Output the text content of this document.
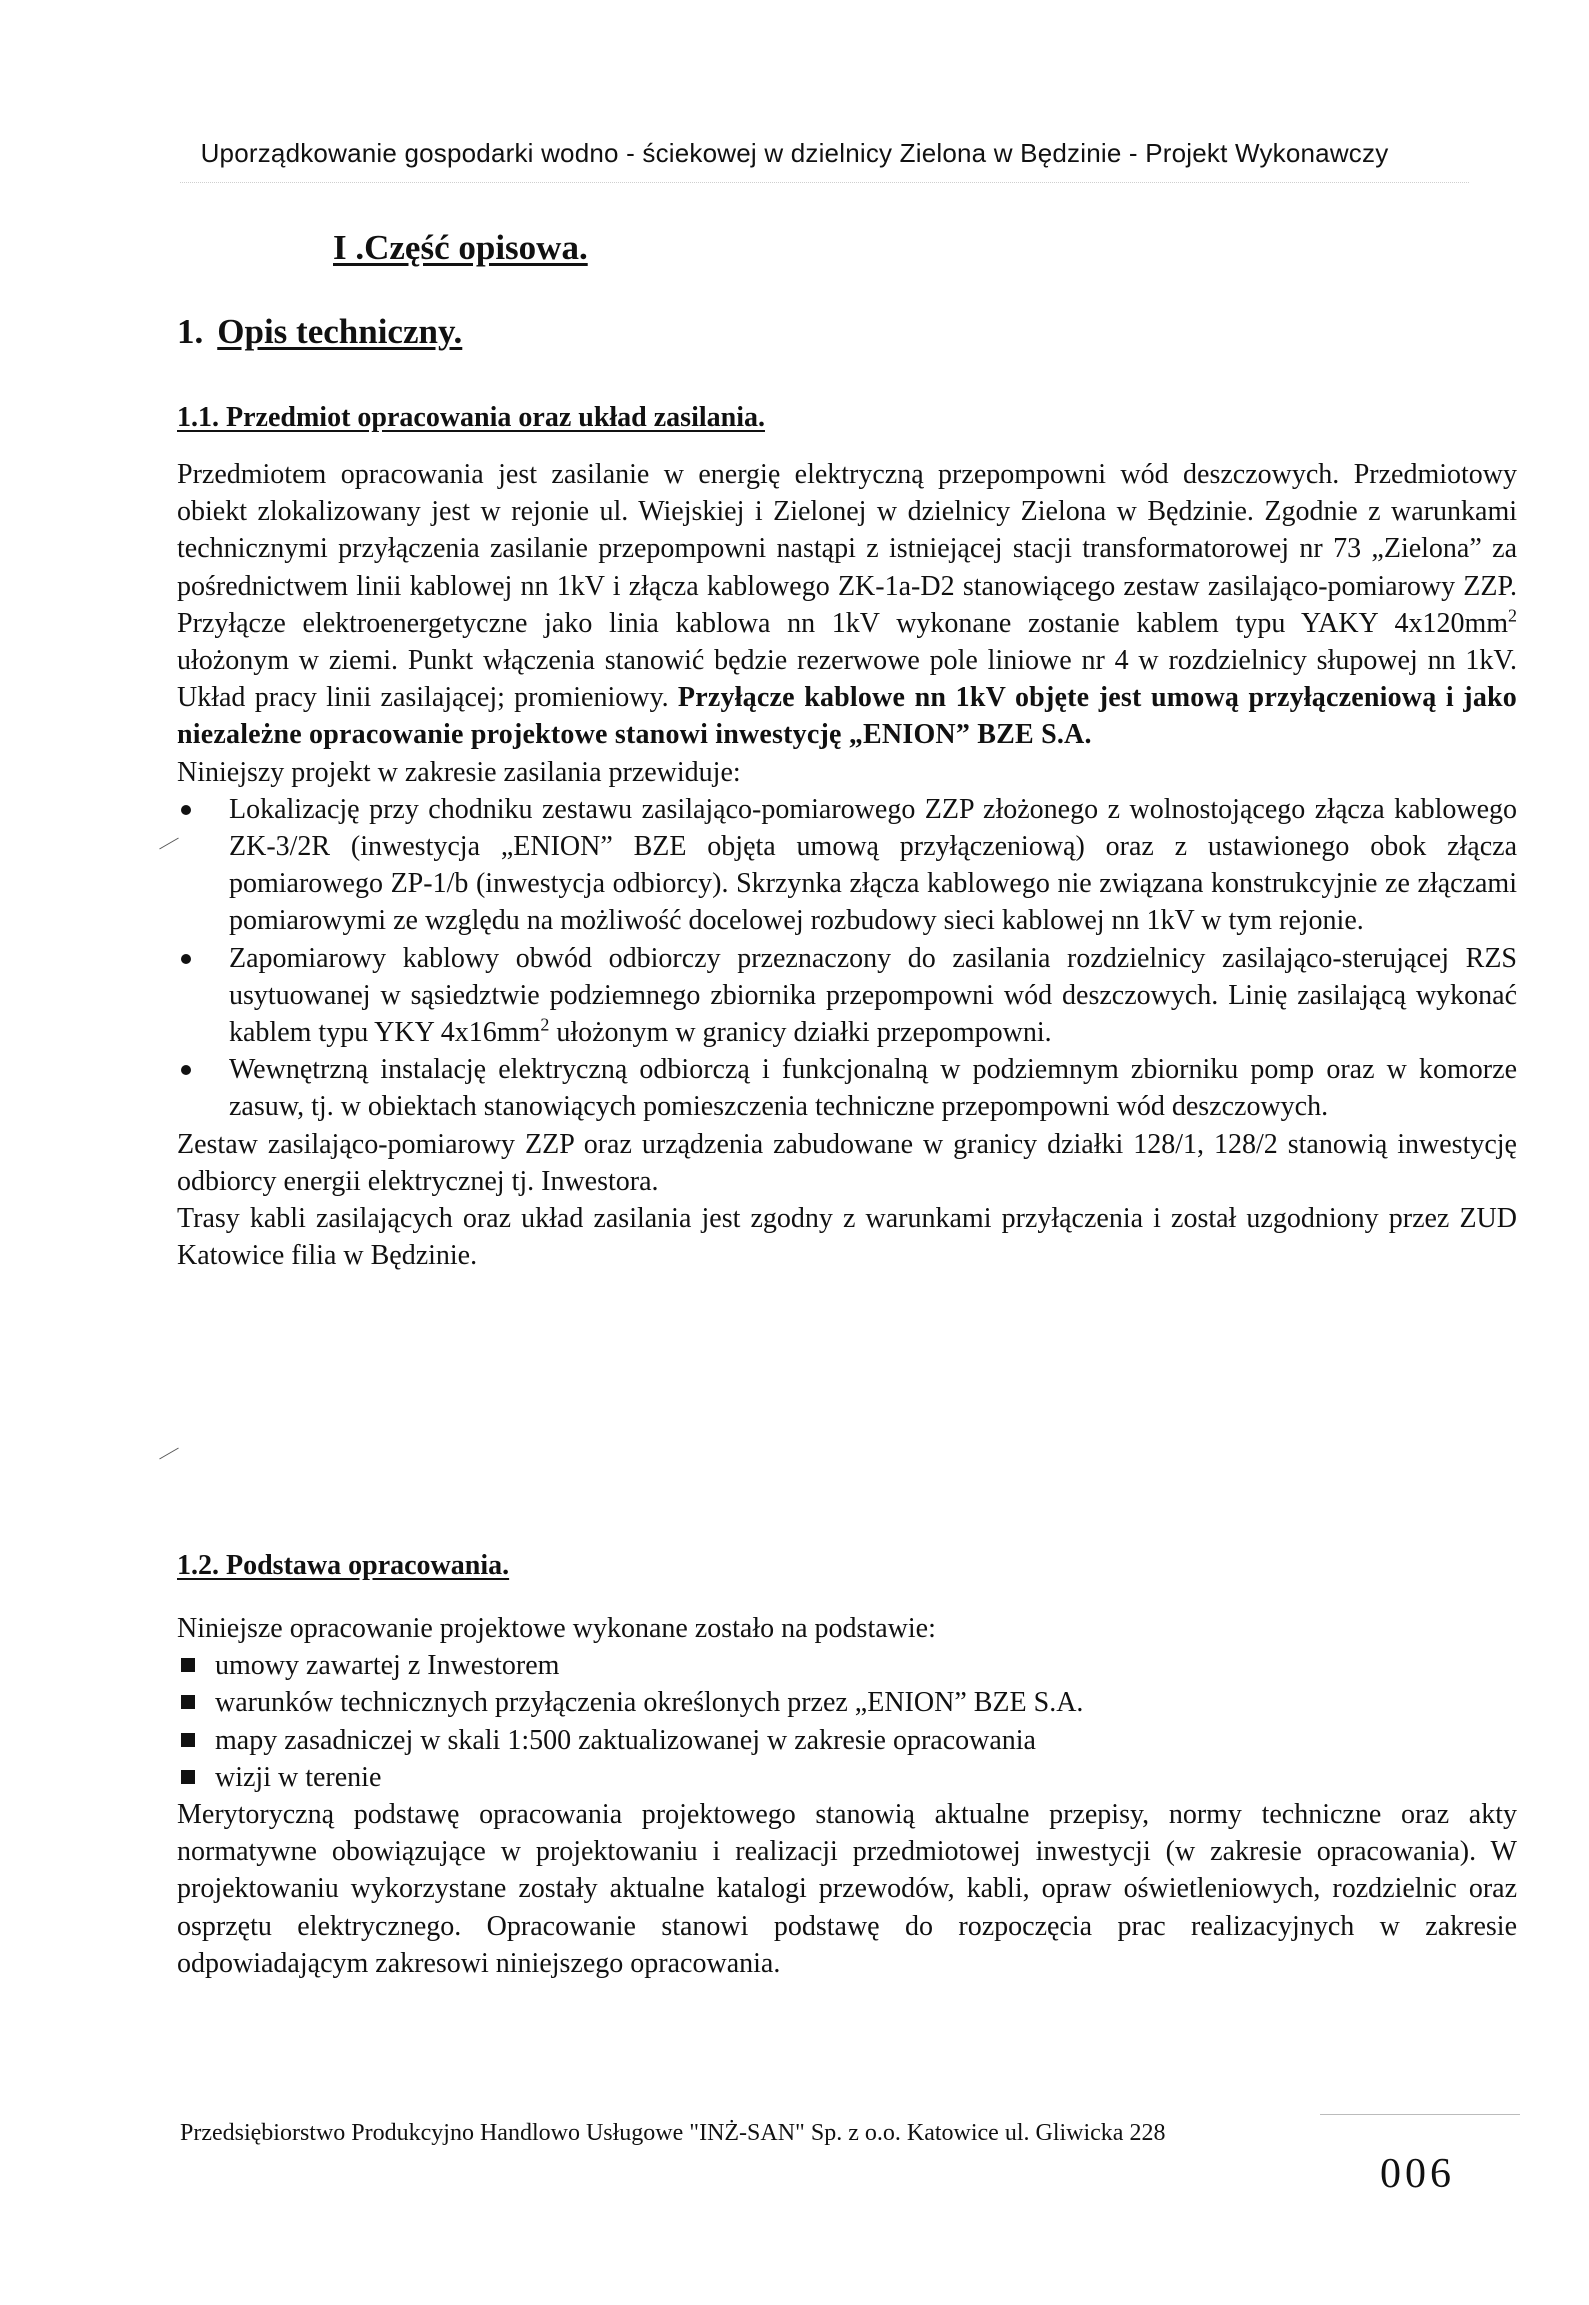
Uporządkowanie gospodarki wodno - ściekowej w dzielnicy Zielona w Będzinie - Projekt Wykonawczy
I .Część opisowa.
1. Opis techniczny.
1.1. Przedmiot opracowania oraz układ zasilania.

Przedmiotem opracowania jest zasilanie w energię elektryczną przepompowni wód deszczowych. Przedmiotowy obiekt zlokalizowany jest w rejonie ul. Wiejskiej i Zielonej w dzielnicy Zielona w Będzinie. Zgodnie z warunkami technicznymi przyłączenia zasilanie przepompowni nastąpi z istniejącej stacji transformatorowej nr 73 „Zielona” za pośrednictwem linii kablowej nn 1kV i złącza kablowego ZK-1a-D2 stanowiącego zestaw zasilająco-pomiarowy ZZP. Przyłącze elektroenergetyczne jako linia kablowa nn 1kV wykonane zostanie kablem typu YAKY $4x120mm^2$ ułożonym w ziemi. Punkt włączenia stanowić będzie rezerwowe pole liniowe nr 4 w rozdzielnicy słupowej nn 1kV. Układ pracy linii zasilającej; promieniowy. Przyłącze kablowe nn 1kV objęte jest umową przyłączeniową i jako niezależne opracowanie projektowe stanowi inwestycję „ENION” BZE S.A.

Niniejszy projekt w zakresie zasilania przewiduje:

Lokalizację przy chodniku zestawu zasilająco-pomiarowego ZZP złożonego z wolnostojącego złącza kablowego ZK-3/2R (inwestycja „ENION” BZE objęta umową przyłączeniową) oraz z ustawionego obok złącza pomiarowego ZP-1/b (inwestycja odbiorcy). Skrzynka złącza kablowego nie związana konstrukcyjnie ze złączami pomiarowymi ze względu na możliwość docelowej rozbudowy sieci kablowej nn 1kV w tym rejonie.
Zapomiarowy kablowy obwód odbiorczy przeznaczony do zasilania rozdzielnicy zasilająco-sterującej RZS usytuowanej w sąsiedztwie podziemnego zbiornika przepompowni wód deszczowych. Linię zasilającą wykonać kablem typu YKY $4x16mm^2$ ułożonym w granicy działki przepompowni.
Wewnętrzną instalację elektryczną odbiorczą i funkcjonalną w podziemnym zbiorniku pomp oraz w komorze zasuw, tj. w obiektach stanowiących pomieszczenia techniczne przepompowni wód deszczowych.

Zestaw zasilająco-pomiarowy ZZP oraz urządzenia zabudowane w granicy działki 128/1, 128/2 stanowią inwestycję odbiorcy energii elektrycznej tj. Inwestora.

Trasy kabli zasilających oraz układ zasilania jest zgodny z warunkami przyłączenia i został uzgodniony przez ZUD Katowice filia w Będzinie.

1.2. Podstawa opracowania.

Niniejsze opracowanie projektowe wykonane zostało na podstawie:

umowy zawartej z Inwestorem
warunków technicznych przyłączenia określonych przez „ENION” BZE S.A.
mapy zasadniczej w skali 1:500 zaktualizowanej w zakresie opracowania
wizji w terenie

Merytoryczną podstawę opracowania projektowego stanowią aktualne przepisy, normy techniczne oraz akty normatywne obowiązujące w projektowaniu i realizacji przedmiotowej inwestycji (w zakresie opracowania). W projektowaniu wykorzystane zostały aktualne katalogi przewodów, kabli, opraw oświetleniowych, rozdzielnic oraz osprzętu elektrycznego. Opracowanie stanowi podstawę do rozpoczęcia prac realizacyjnych w zakresie odpowiadającym zakresowi niniejszego opracowania.

Przedsiębiorstwo Produkcyjno Handlowo Usługowe "INŻ-SAN" Sp. z o.o. Katowice ul. Gliwicka 228
006
